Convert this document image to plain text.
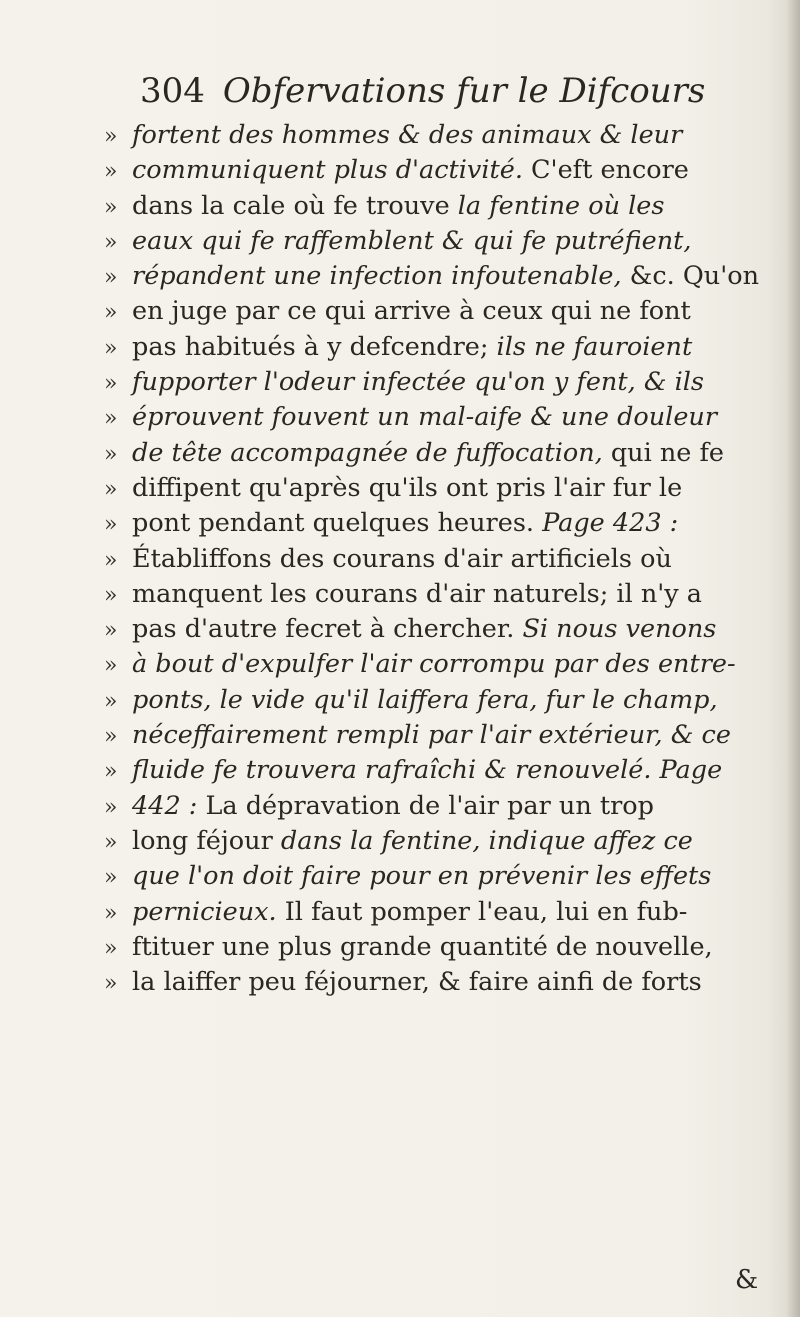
304 Obfervations fur le Difcours
» fortent des hommes & des animaux & leur
» communiquent plus d'activité. C'eft encore
» dans la cale où fe trouve la fentine où les
» eaux qui fe raffemblent & qui fe putréfient,
» répandent une infection infoutenable, &c. Qu'on
» en juge par ce qui arrive à ceux qui ne font
» pas habitués à y defcendre; ils ne fauroient
» fupporter l'odeur infectée qu'on y fent, & ils
» éprouvent fouvent un mal-aife & une douleur
» de tête accompagnée de fuffocation, qui ne fe
» diffipent qu'après qu'ils ont pris l'air fur le
» pont pendant quelques heures. Page 423 :
» Établiffons des courans d'air artificiels où
» manquent les courans d'air naturels; il n'y a
» pas d'autre fecret à chercher. Si nous venons
» à bout d'expulfer l'air corrompu par des entre-
» ponts, le vide qu'il laiffera fera, fur le champ,
» néceffairement rempli par l'air extérieur, & ce
» fluide fe trouvera rafraîchi & renouvelé. Page
» 442 : La dépravation de l'air par un trop
» long féjour dans la fentine, indique affez ce
» que l'on doit faire pour en prévenir les effets
» pernicieux. Il faut pomper l'eau, lui en fub-
» ftituer une plus grande quantité de nouvelle,
» la laiffer peu féjourner, & faire ainfi de forts
&
